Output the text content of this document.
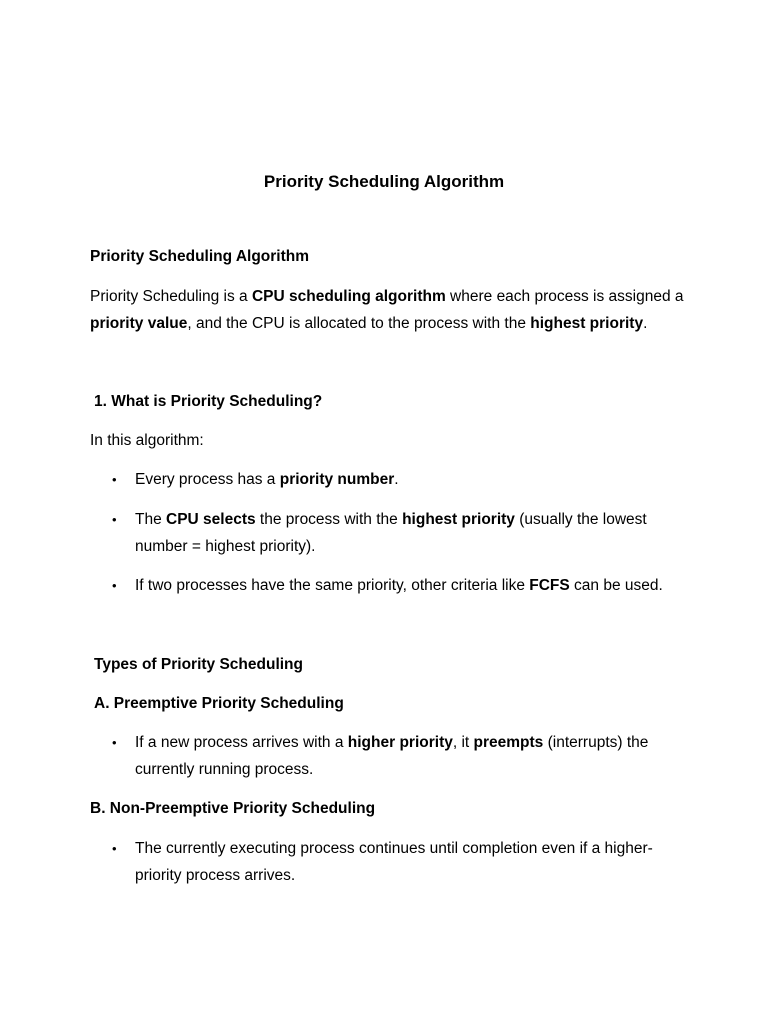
Priority Scheduling Algorithm

Priority Scheduling Algorithm

Priority Scheduling is a CPU scheduling algorithm where each process is assigned a priority value, and the CPU is allocated to the process with the highest priority.

1. What is Priority Scheduling?

In this algorithm:

•	Every process has a priority number.
•	The CPU selects the process with the highest priority (usually the lowest number = highest priority).
•	If two processes have the same priority, other criteria like FCFS can be used.

Types of Priority Scheduling

A. Preemptive Priority Scheduling

•	If a new process arrives with a higher priority, it preempts (interrupts) the currently running process.

B. Non-Preemptive Priority Scheduling

•	The currently executing process continues until completion even if a higher-priority process arrives.
